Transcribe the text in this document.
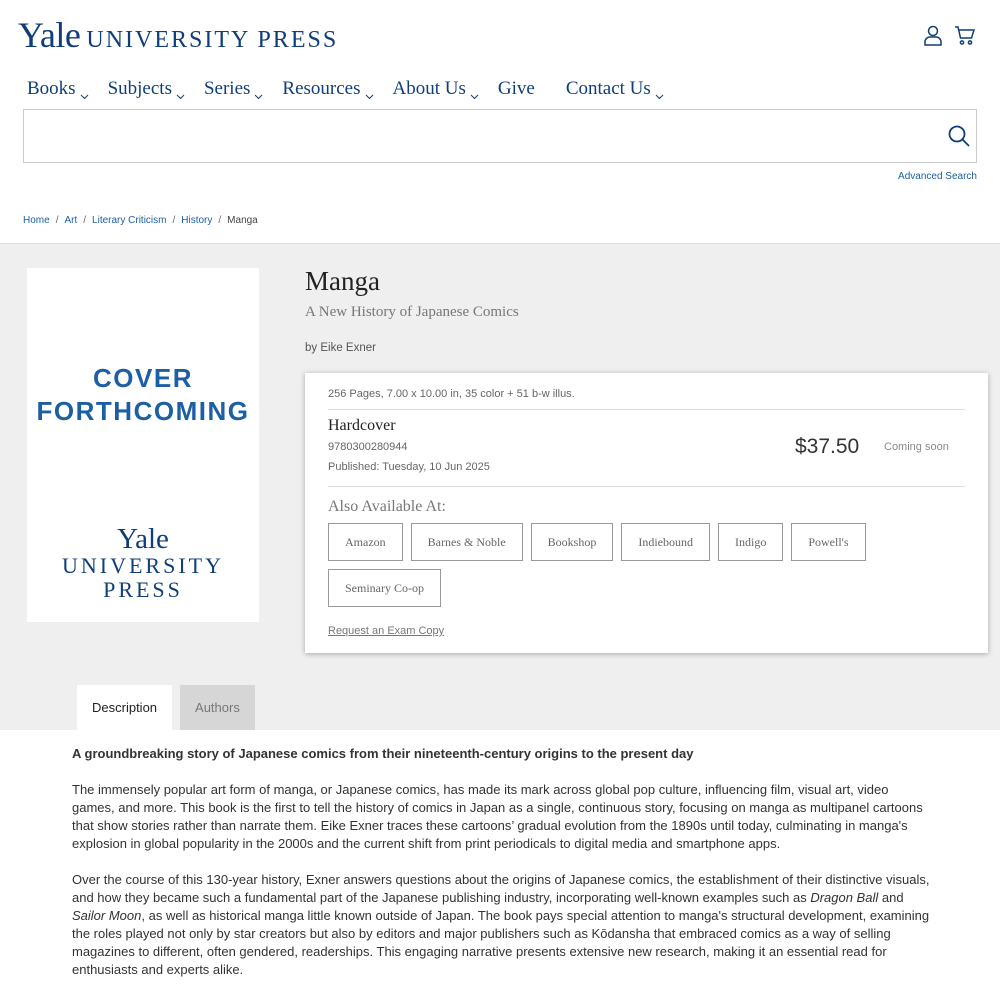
Yale UNIVERSITY PRESS
Books Subjects Series Resources About Us Give Contact Us
Advanced Search
Home / Art / Literary Criticism / History / Manga
COVER
FORTHCOMING
Yale
UNIVERSITY
PRESS
Manga
A New History of Japanese Comics
by Eike Exner
256 Pages, 7.00 x 10.00 in, 35 color + 51 b-w illus.
Hardcover
9780300280944
Published: Tuesday, 10 Jun 2025
$37.50 Coming soon
Also Available At:
Amazon	Barnes & Noble	Bookshop	Indiebound	Indigo	Powell's
Seminary Co-op
Request an Exam Copy
Description	Authors
A groundbreaking story of Japanese comics from their nineteenth-century origins to the present day

The immensely popular art form of manga, or Japanese comics, has made its mark across global pop culture, influencing film, visual art, video games, and more. This book is the first to tell the history of comics in Japan as a single, continuous story, focusing on manga as multipanel cartoons that show stories rather than narrate them. Eike Exner traces these cartoons’ gradual evolution from the 1890s until today, culminating in manga's explosion in global popularity in the 2000s and the current shift from print periodicals to digital media and smartphone apps.

Over the course of this 130-year history, Exner answers questions about the origins of Japanese comics, the establishment of their distinctive visuals, and how they became such a fundamental part of the Japanese publishing industry, incorporating well-known examples such as Dragon Ball and Sailor Moon, as well as historical manga little known outside of Japan. The book pays special attention to manga's structural development, examining the roles played not only by star creators but also by editors and major publishers such as Kōdansha that embraced comics as a way of selling magazines to different, often gendered, readerships. This engaging narrative presents extensive new research, making it an essential read for enthusiasts and experts alike.
